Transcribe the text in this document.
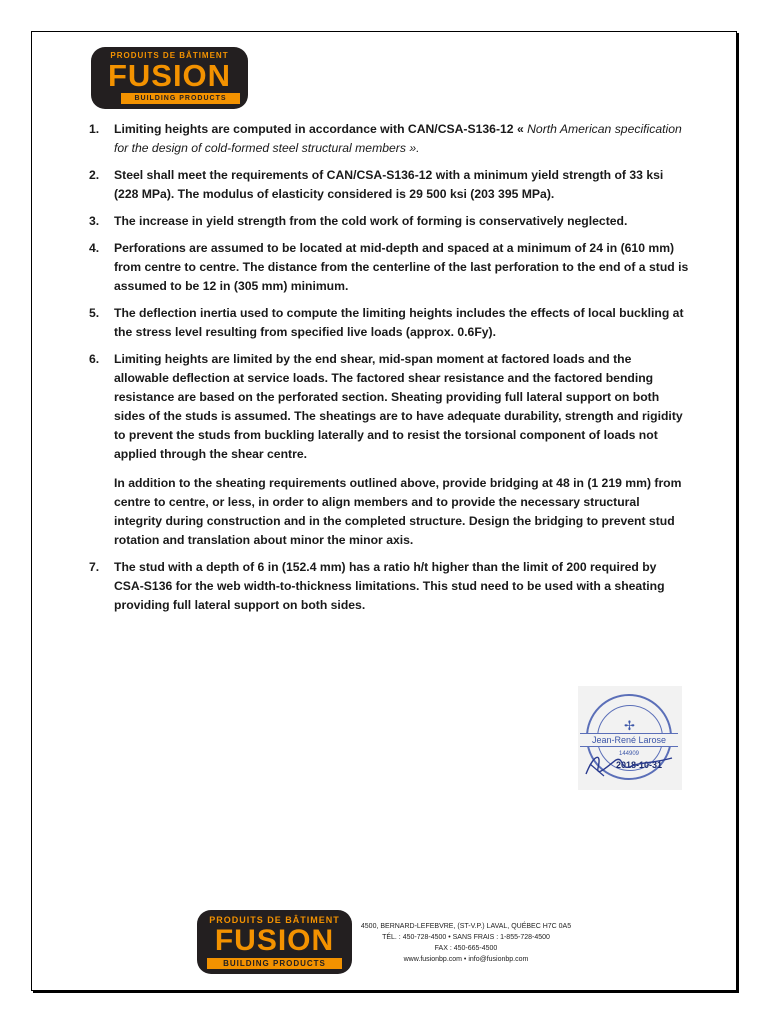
PRODUITS DE BÂTIMENT
FUSION
BUILDING PRODUCTS
1. Limiting heights are computed in accordance with CAN/CSA-S136-12 « North American specification for the design of cold-formed steel structural members ».
2. Steel shall meet the requirements of CAN/CSA-S136-12 with a minimum yield strength of 33 ksi (228 MPa). The modulus of elasticity considered is 29 500 ksi (203 395 MPa).
3. The increase in yield strength from the cold work of forming is conservatively neglected.
4. Perforations are assumed to be located at mid-depth and spaced at a minimum of 24 in (610 mm) from centre to centre. The distance from the centerline of the last perforation to the end of a stud is assumed to be 12 in (305 mm) minimum.
5. The deflection inertia used to compute the limiting heights includes the effects of local buckling at the stress level resulting from specified live loads (approx. 0.6Fy).
6. Limiting heights are limited by the end shear, mid-span moment at factored loads and the allowable deflection at service loads. The factored shear resistance and the factored bending resistance are based on the perforated section. Sheating providing full lateral support on both sides of the studs is assumed. The sheatings are to have adequate durability, strength and rigidity to prevent the studs from buckling laterally and to resist the torsional component of loads not applied through the shear centre.

In addition to the sheating requirements outlined above, provide bridging at 48 in (1 219 mm) from centre to centre, or less, in order to align members and to provide the necessary structural integrity during construction and in the completed structure. Design the bridging to prevent stud rotation and translation about minor the minor axis.

7. The stud with a depth of 6 in (152.4 mm) has a ratio h/t higher than the limit of 200 required by CSA-S136 for the web width-to-thickness limitations. This stud need to be used with a sheating providing full lateral support on both sides.
✢
Jean-René Larose
144909
2018-10-31
PRODUITS DE BÂTIMENT
FUSION
BUILDING PRODUCTS
4500, BERNARD-LEFEBVRE, (ST-V.P.) LAVAL, QUÉBEC H7C 0A5
TÉL. : 450-728-4500 • SANS FRAIS : 1-855-728-4500
FAX : 450-665-4500
www.fusionbp.com • info@fusionbp.com
